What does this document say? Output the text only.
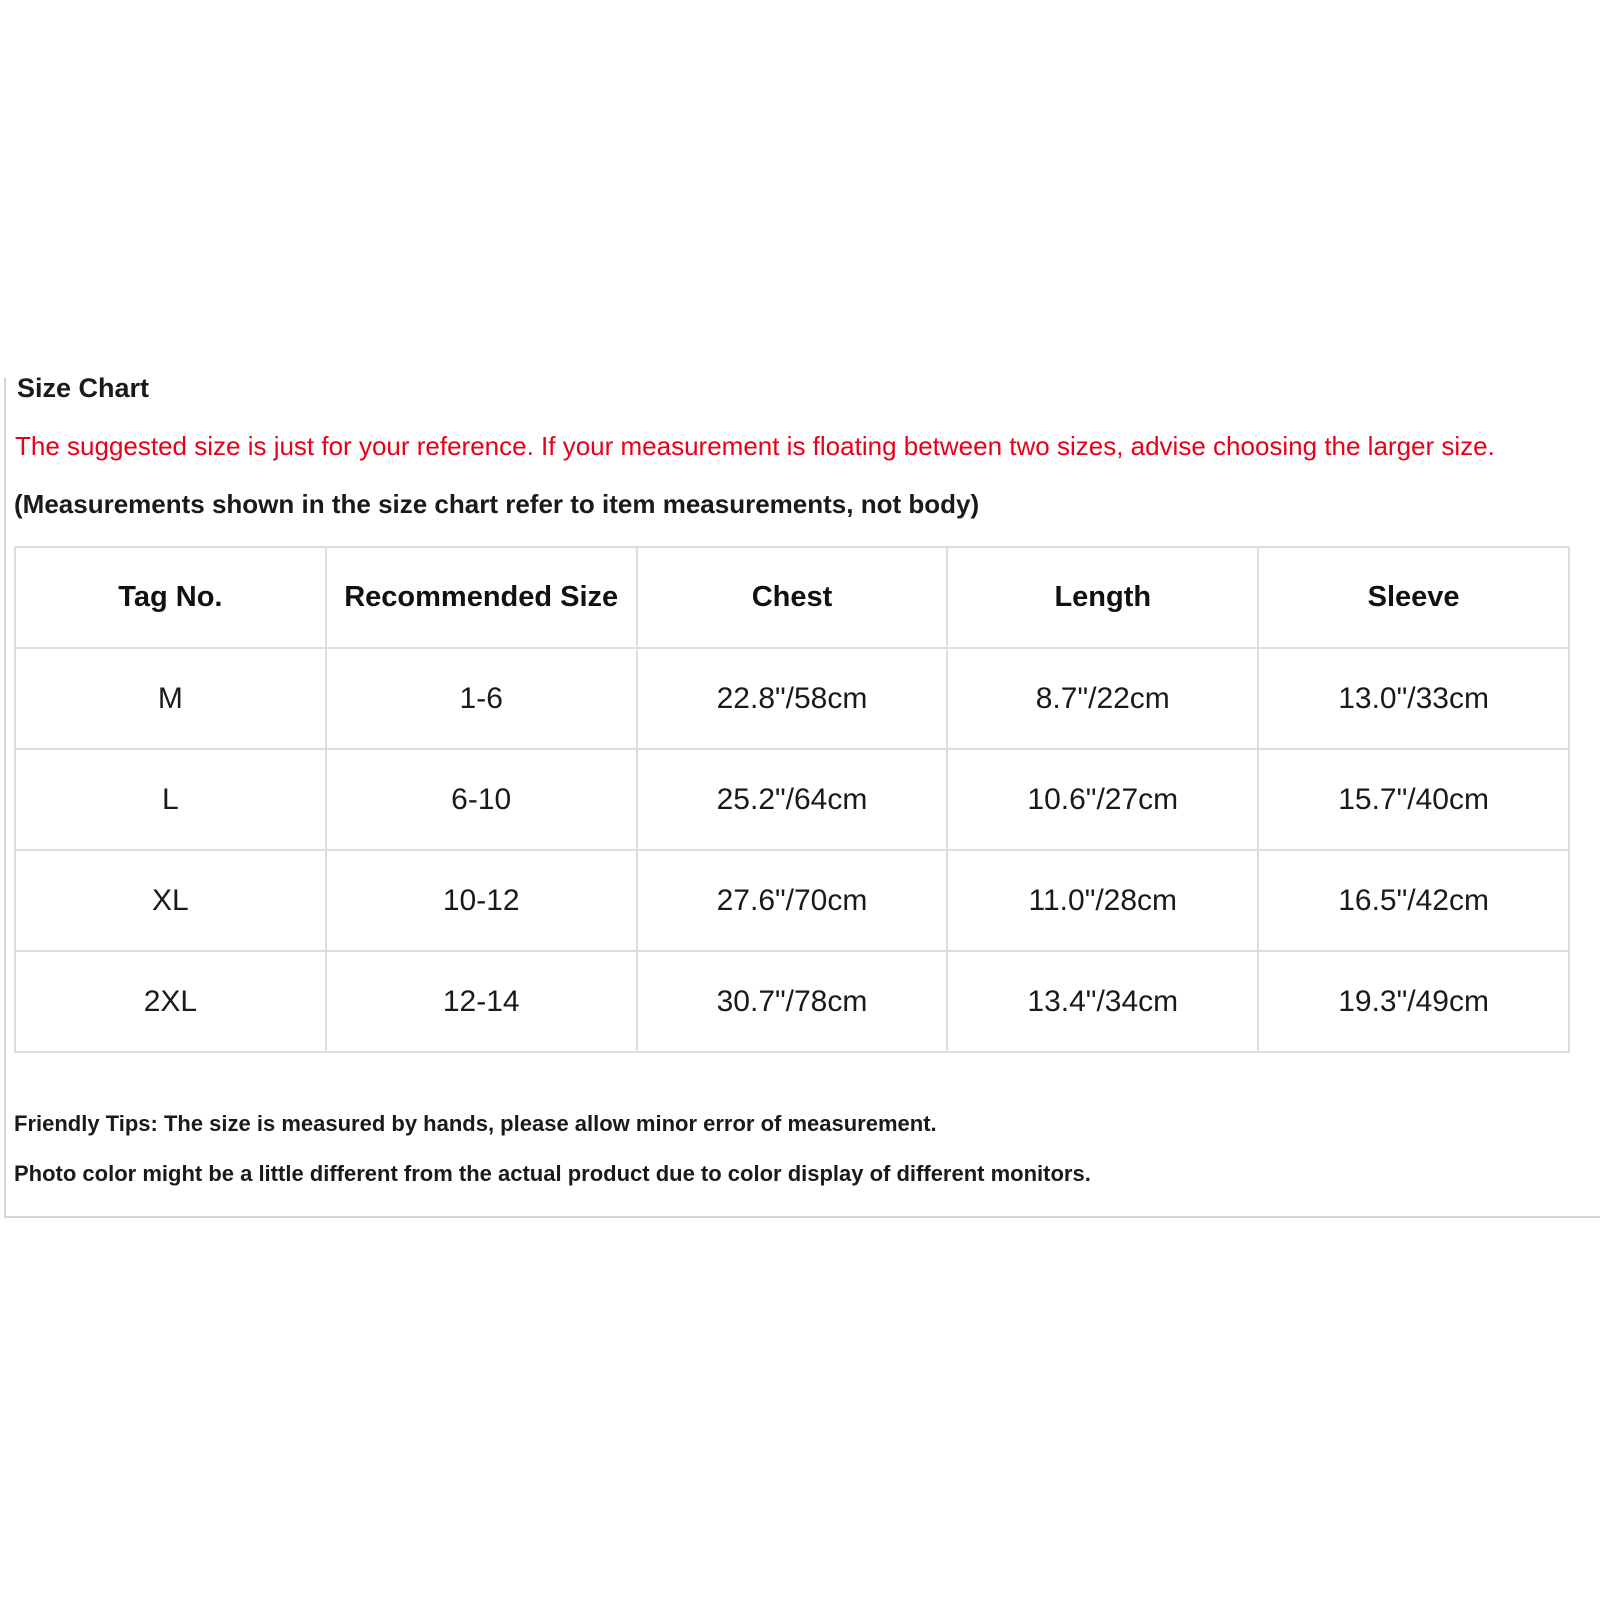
Size Chart
The suggested size is just for your reference. If your measurement is floating between two sizes, advise choosing the larger size.
(Measurements shown in the size chart refer to item measurements, not body)
Tag No.	Recommended Size	Chest	Length	Sleeve
M	1-6	22.8"/58cm	8.7"/22cm	13.0"/33cm
L	6-10	25.2"/64cm	10.6"/27cm	15.7"/40cm
XL	10-12	27.6"/70cm	11.0"/28cm	16.5"/42cm
2XL	12-14	30.7"/78cm	13.4"/34cm	19.3"/49cm
Friendly Tips: The size is measured by hands, please allow minor error of measurement.
Photo color might be a little different from the actual product due to color display of different monitors.
